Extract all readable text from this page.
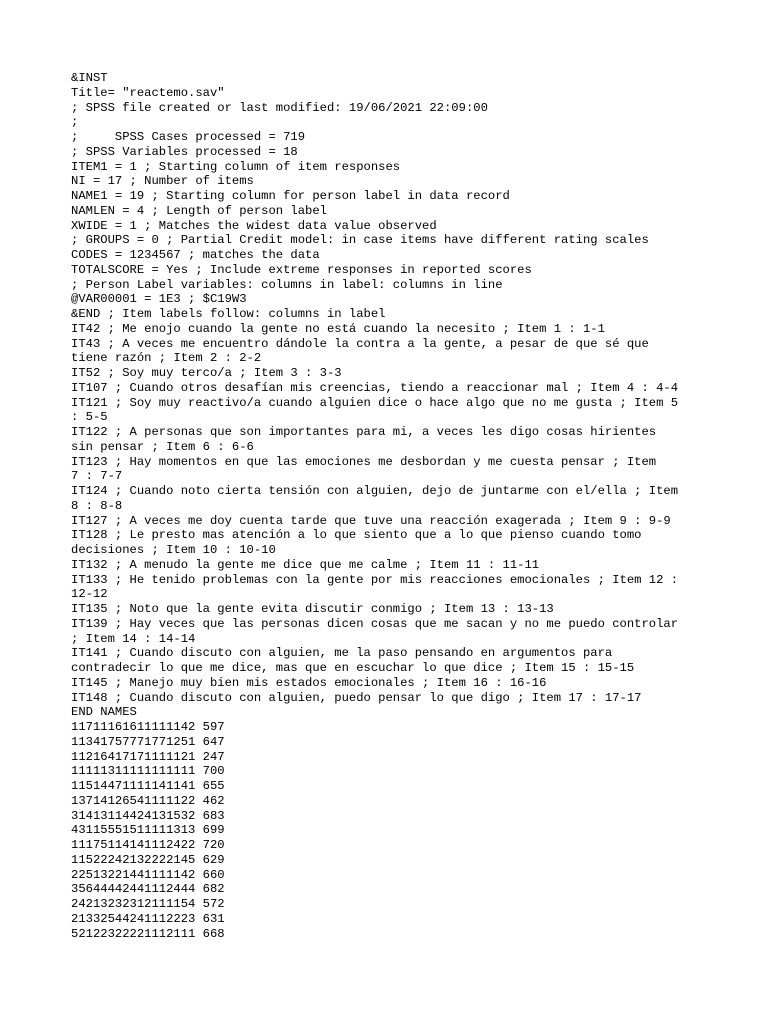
&INST
Title= "reactemo.sav"
; SPSS file created or last modified: 19/06/2021 22:09:00
;
;     SPSS Cases processed = 719
; SPSS Variables processed = 18
ITEM1 = 1 ; Starting column of item responses
NI = 17 ; Number of items
NAME1 = 19 ; Starting column for person label in data record
NAMLEN = 4 ; Length of person label
XWIDE = 1 ; Matches the widest data value observed
; GROUPS = 0 ; Partial Credit model: in case items have different rating scales
CODES = 1234567 ; matches the data
TOTALSCORE = Yes ; Include extreme responses in reported scores
; Person Label variables: columns in label: columns in line
@VAR00001 = 1E3 ; $C19W3
&END ; Item labels follow: columns in label
IT42 ; Me enojo cuando la gente no está cuando la necesito ; Item 1 : 1-1
IT43 ; A veces me encuentro dándole la contra a la gente, a pesar de que sé que
tiene razón ; Item 2 : 2-2
IT52 ; Soy muy terco/a ; Item 3 : 3-3
IT107 ; Cuando otros desafían mis creencias, tiendo a reaccionar mal ; Item 4 : 4-4
IT121 ; Soy muy reactivo/a cuando alguien dice o hace algo que no me gusta ; Item 5
: 5-5
IT122 ; A personas que son importantes para mi, a veces les digo cosas hirientes
sin pensar ; Item 6 : 6-6
IT123 ; Hay momentos en que las emociones me desbordan y me cuesta pensar ; Item
7 : 7-7
IT124 ; Cuando noto cierta tensión con alguien, dejo de juntarme con el/ella ; Item
8 : 8-8
IT127 ; A veces me doy cuenta tarde que tuve una reacción exagerada ; Item 9 : 9-9
IT128 ; Le presto mas atención a lo que siento que a lo que pienso cuando tomo
decisiones ; Item 10 : 10-10
IT132 ; A menudo la gente me dice que me calme ; Item 11 : 11-11
IT133 ; He tenido problemas con la gente por mis reacciones emocionales ; Item 12 :
12-12
IT135 ; Noto que la gente evita discutir conmigo ; Item 13 : 13-13
IT139 ; Hay veces que las personas dicen cosas que me sacan y no me puedo controlar
; Item 14 : 14-14
IT141 ; Cuando discuto con alguien, me la paso pensando en argumentos para
contradecir lo que me dice, mas que en escuchar lo que dice ; Item 15 : 15-15
IT145 ; Manejo muy bien mis estados emocionales ; Item 16 : 16-16
IT148 ; Cuando discuto con alguien, puedo pensar lo que digo ; Item 17 : 17-17
END NAMES
11711161611111142 597
11341757771771251 647
11216417171111121 247
11111311111111111 700
11514471111141141 655
13714126541111122 462
31413114424131532 683
43115551511111313 699
11175114141112422 720
11522242132222145 629
22513221441111142 660
35644442441112444 682
24213232312111154 572
21332544241112223 631
52122322221112111 668
